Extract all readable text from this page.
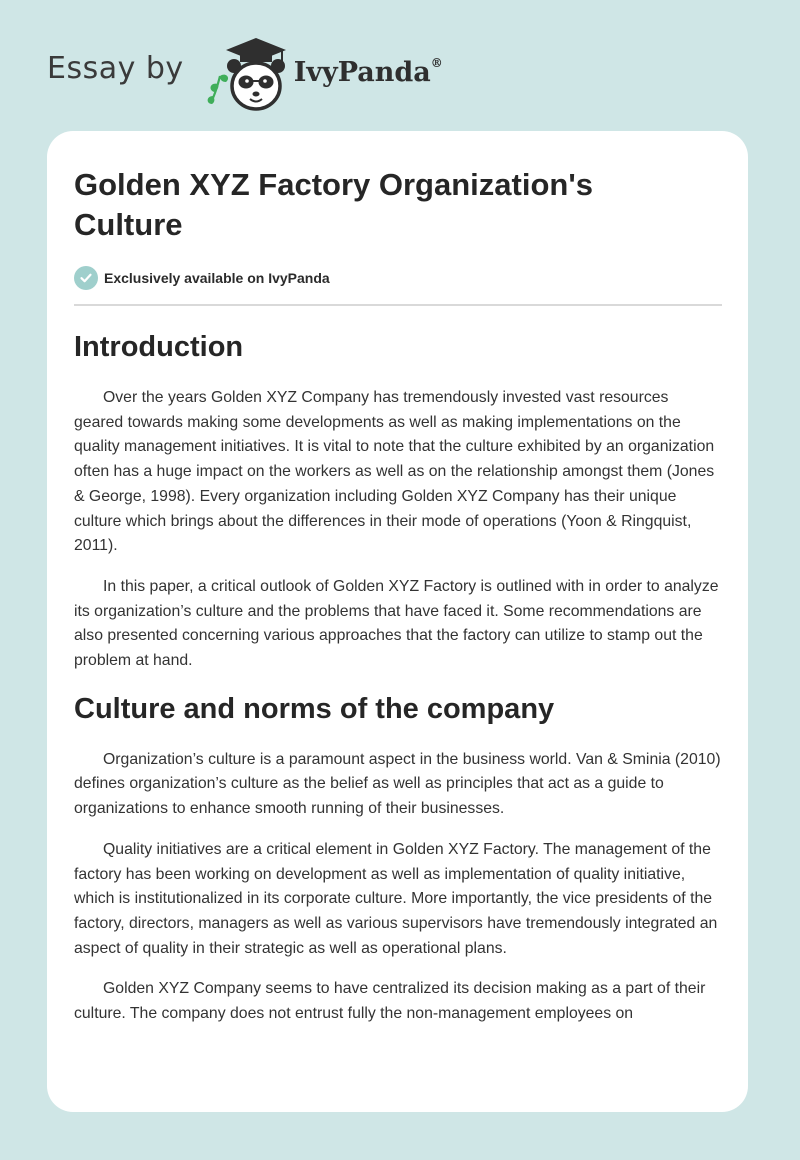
Essay by	IvyPanda®
Golden XYZ Factory Organization's
Culture
Exclusively available on IvyPanda
Introduction

Over the years Golden XYZ Company has tremendously invested vast resources geared towards making some developments as well as making implementations on the quality management initiatives. It is vital to note that the culture exhibited by an organization often has a huge impact on the workers as well as on the relationship amongst them (Jones & George, 1998). Every organization including Golden XYZ Company has their unique culture which brings about the differences in their mode of operations (Yoon & Ringquist, 2011).

In this paper, a critical outlook of Golden XYZ Factory is outlined with in order to analyze its organization’s culture and the problems that have faced it. Some recommendations are also presented concerning various approaches that the factory can utilize to stamp out the problem at hand.

Culture and norms of the company

Organization’s culture is a paramount aspect in the business world. Van & Sminia (2010) defines organization’s culture as the belief as well as principles that act as a guide to organizations to enhance smooth running of their businesses.

Quality initiatives are a critical element in Golden XYZ Factory. The management of the factory has been working on development as well as implementation of quality initiative, which is institutionalized in its corporate culture. More importantly, the vice presidents of the factory, directors, managers as well as various supervisors have tremendously integrated an aspect of quality in their strategic as well as operational plans.

Golden XYZ Company seems to have centralized its decision making as a part of their culture. The company does not entrust fully the non-management employees on
